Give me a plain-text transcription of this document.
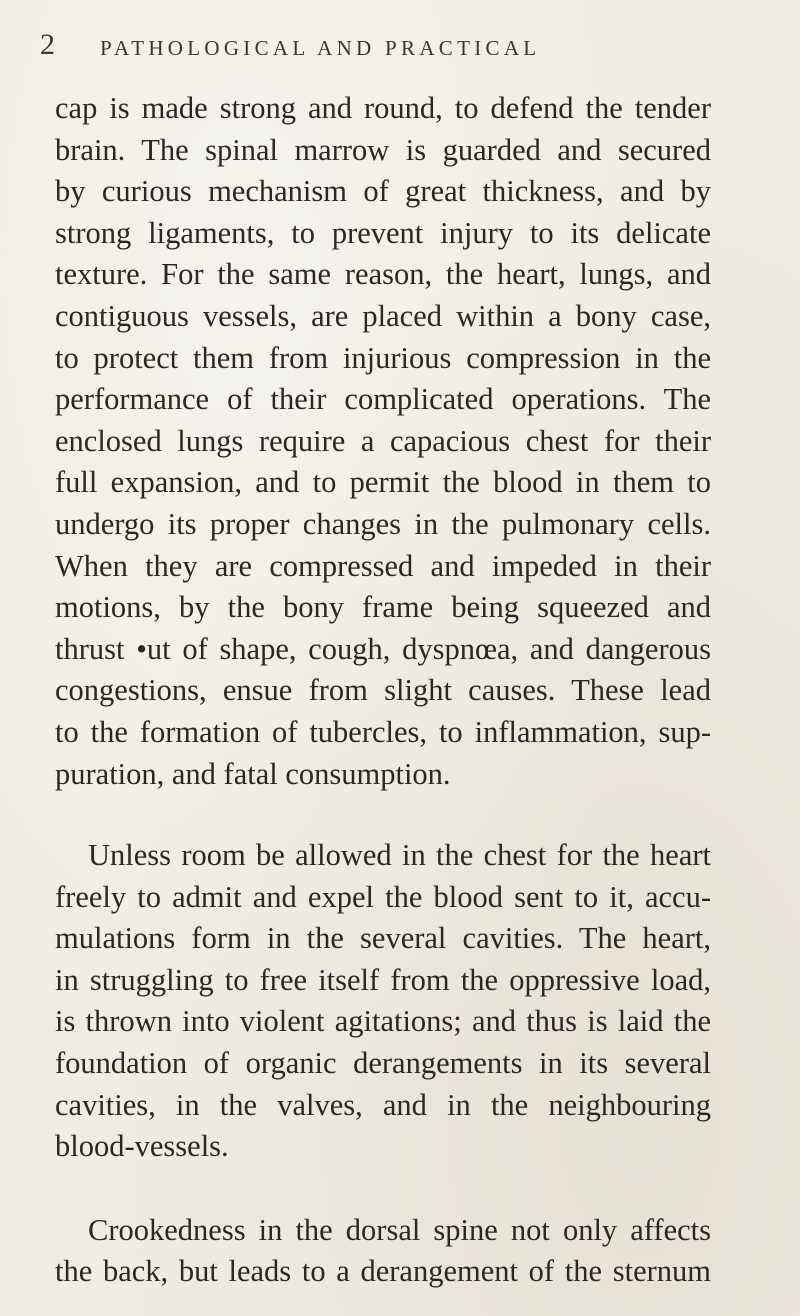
2 PATHOLOGICAL AND PRACTICAL
cap is made strong and round, to defend the tender
brain. The spinal marrow is guarded and secured
by curious mechanism of great thickness, and by
strong ligaments, to prevent injury to its delicate
texture. For the same reason, the heart, lungs, and
contiguous vessels, are placed within a bony case,
to protect them from injurious compression in the
performance of their complicated operations. The
enclosed lungs require a capacious chest for their
full expansion, and to permit the blood in them to
undergo its proper changes in the pulmonary cells.
When they are compressed and impeded in their
motions, by the bony frame being squeezed and
thrust •ut of shape, cough, dyspnœa, and dangerous
congestions, ensue from slight causes. These lead
to the formation of tubercles, to inflammation, sup-
puration, and fatal consumption.
Unless room be allowed in the chest for the heart
freely to admit and expel the blood sent to it, accu-
mulations form in the several cavities. The heart,
in struggling to free itself from the oppressive load,
is thrown into violent agitations; and thus is laid the
foundation of organic derangements in its several
cavities, in the valves, and in the neighbouring
blood-vessels.
Crookedness in the dorsal spine not only affects
the back, but leads to a derangement of the sternum
